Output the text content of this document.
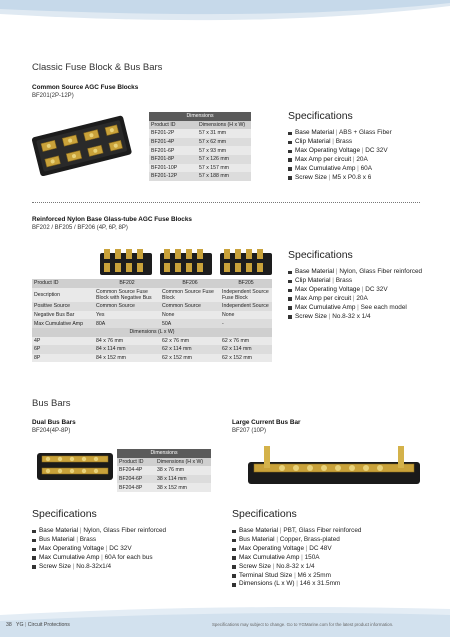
Classic Fuse Block & Bus Bars
Common Source AGC Fuse Blocks
BF201(2P-12P)
Dimensions	
Product ID	Dimensions (H x W)
BF201-2P	57 x 31 mm
BF201-4P	57 x 62 mm
BF201-6P	57 x 93 mm
BF201-8P	57 x 126 mm
BF201-10P	57 x 157 mm
BF201-12P	57 x 188 mm
Specifications
Base Material | ABS + Glass Fiber
Clip Material | Brass
Max Operating Voltage | DC 32V
Max Amp per circuit | 20A
Max Cumulative Amp | 60A
Screw Size | M5 x P0.8 x 6
Reinforced Nylon Base Glass-tube AGC Fuse Blocks
BF202 / BF205 / BF206 (4P, 6P, 8P)
Product ID	BF202	BF206	BF205
Description	Common Source Fuse Block with Negative Bus	Common Source Fuse Block	Independent Source Fuse Block
Positive Source	Common Source	Common Source	Independent Source
Negative Bus Bar	Yes	None	None
Max Cumulative Amp	80A	50A	-
Dimensions (L x W)			
4P	84 x 76 mm	62 x 76 mm	62 x 76 mm
6P	84 x 114 mm	62 x 114 mm	62 x 114 mm
8P	84 x 152 mm	62 x 152 mm	62 x 152 mm
Specifications
Base Material | Nylon, Glass Fiber reinforced
Clip Material | Brass
Max Operating Voltage | DC 32V
Max Amp per circuit | 20A
Max Cumulative Amp | See each model
Screw Size | No.8-32 x 1/4
Bus Bars
Dual Bus Bars
BF204(4P-8P)
Dimensions	
Product ID	Dimensions (H x W)
BF204-4P	38 x 76 mm
BF204-6P	38 x 114 mm
BF204-8P	38 x 152 mm
Specifications
Base Material | Nylon, Glass Fiber reinforced
Bus Material | Brass
Max Operating Voltage | DC 32V
Max Cumulative Amp | 60A for each bus
Screw Size | No.8-32x1/4
Large Current Bus Bar
BF207 (10P)
Specifications
Base Material | PBT, Glass Fiber reinforced
Bus Material | Copper, Brass-plated
Max Operating Voltage | DC 48V
Max Cumulative Amp | 150A
Screw Size | No.8-32 x 1/4
Terminal Stud Size | M6 x 25mm
Dimensions (L x W) | 146 x 31.5mm
38 YG | Circuit Protections	Specifications may subject to change. Go to YGMarine.com for the latest product information.
